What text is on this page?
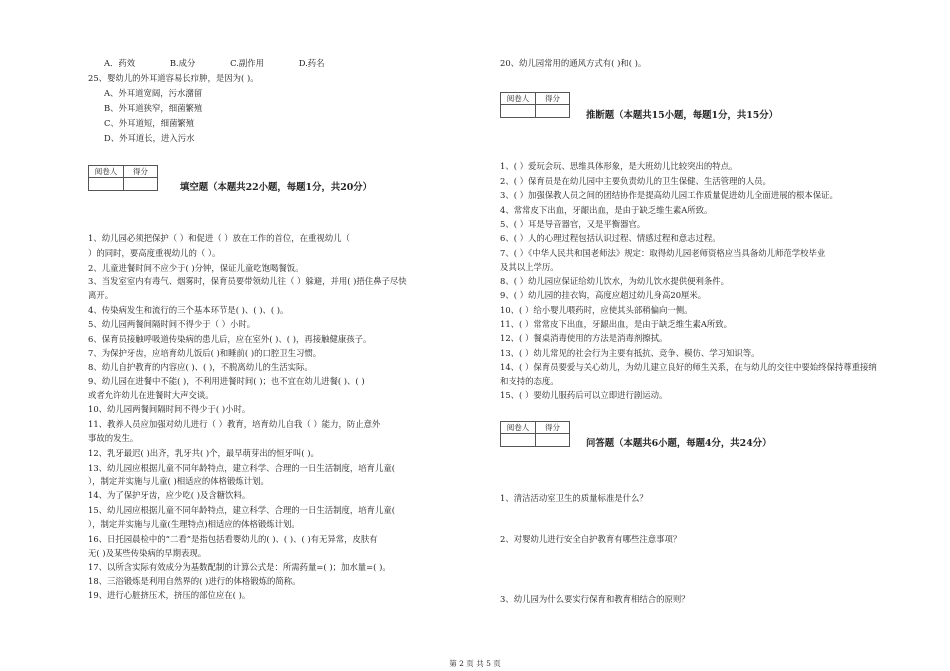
A．药效	B.成分	C.副作用	D.药名
25、婴幼儿的外耳道容易长疖肿，是因为( )。
A、外耳道宽阔，污水潴留
B、外耳道狭窄，细菌繁殖
C、外耳道短，细菌繁殖
D、外耳道长，进入污水
阅卷人	得分
填空题（本题共22小题，每题1分，共20分）
1、幼儿园必须把保护（ ）和促进（ ）放在工作的首位，在重视幼儿（
）的同时，要高度重视幼儿的（ ）。
2、儿童进餐时间不应少于( )分钟，保证儿童吃饱喝餐饭。
3、当发室室内有毒气、烟雾时，保育员要带领幼儿往（ ）躲避，并用( )捂住鼻子尽快
离开。
4、传染病发生和流行的三个基本环节是( )、( )、( )。
5、幼儿园两餐间隔时间不得少于（ ）小时。
6、保育员接触呼吸道传染病的患儿后，应在室外( )、( )，再接触健康孩子。
7、为保护牙齿，应培育幼儿饭后( )和睡前( )的口腔卫生习惯。
8、幼儿自护教育的内容应( )、( )，不脱离幼儿的生活实际。
9、幼儿园在进餐中不能( )，不利用进餐时间( )；也不宜在幼儿进餐( )、( )
或者允许幼儿在进餐时大声交谈。
10、幼儿园两餐间隔时间不得少于( )小时。
11、教养人员应加强对幼儿进行（ ）教育，培育幼儿自我（ ）能力，防止意外
事故的发生。
12、乳牙最迟( )出齐，乳牙共( )个，最早萌芽出的恒牙叫( )。
13、幼儿园应根据儿童不同年龄特点，建立科学、合理的一日生活制度，培育儿童(
），制定并实施与儿童( )相适应的体格锻炼计划。
14、为了保护牙齿，应少吃( )及含糖饮料。
15、幼儿园应根据儿童不同年龄特点，建立科学、合理的一日生活制度，培育儿童(
），制定并实施与儿童(生理特点)相适应的体格锻炼计划。
16、日托园晨检中的“二看”是指包括看婴幼儿的( )、( )、( )有无异常，皮肤有
无( )及某些传染病的早期表现。
17、以所含实际有效成分为基数配制的计算公式是：所需药量=( )；加水量=( )。
18、三浴锻炼是利用自然界的( )进行的体格锻炼的简称。
19、进行心脏挤压术，挤压的部位应在( )。
20、幼儿园常用的通风方式有( )和( )。
阅卷人	得分
推断题（本题共15小题，每题1分，共15分）
1、( ）爱玩会玩、思维具体形象，是大班幼儿比较突出的特点。
2、( ）保育员是在幼儿园中主要负责幼儿的卫生保健、生活管理的人员。
3、( ）加强保教人员之间的团结协作是提高幼儿园工作质量促进幼儿全面进展的根本保证。
4、常常皮下出血，牙龈出血，是由于缺乏维生素A所致。
5、( ）耳是导音器官，又是平衡器官。
6、( ）人的心理过程包括认识过程、情感过程和意志过程。
7、( ）《中华人民共和国老师法》规定：取得幼儿园老师资格应当具备幼儿师范学校毕业
及其以上学历。
8、( ）幼儿园应保证给幼儿饮水，为幼儿饮水提供便利条件。
9、( ）幼儿园的挂衣钩，高度应超过幼儿身高20厘米。
10、( ）给小婴儿喂药时，应使其头部稍偏向一侧。
11、( ）常常皮下出血，牙龈出血，是由于缺乏维生素A所致。
12、( ）餐桌消毒使用的方法是消毒剂擦拭。
13、( ）幼儿常见的社会行为主要有抵抗、竞争、模仿、学习知识等。
14、( ）保育员要爱与关心幼儿，为幼儿建立良好的师生关系，在与幼儿的交往中要始终保持尊重接纳
和支持的态度。
15、( ）要幼儿服药后可以立即进行剧运动。
阅卷人	得分
问答题（本题共6小题，每题4分，共24分）
1、清洁活动室卫生的质量标准是什么？
2、对婴幼儿进行安全自护教育有哪些注意事项？
3、幼儿园为什么要实行保育和教育相结合的原则？
第 2 页 共 5 页
